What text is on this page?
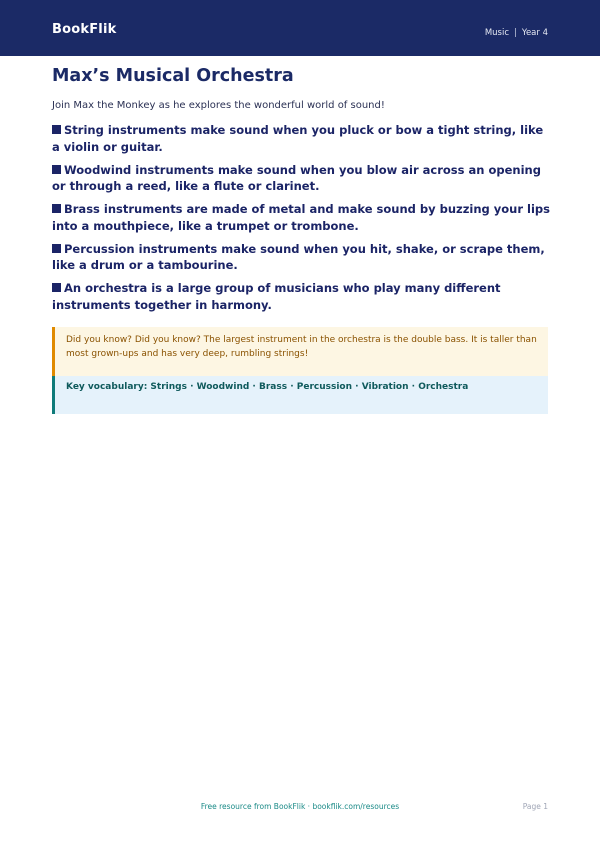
BookFlik	Music | Year 4
Max’s Musical Orchestra

Join Max the Monkey as he explores the wonderful world of sound!

String instruments make sound when you pluck or bow a tight string, like a violin or guitar.

Woodwind instruments make sound when you blow air across an opening or through a reed, like a flute or clarinet.

Brass instruments are made of metal and make sound by buzzing your lips into a mouthpiece, like a trumpet or trombone.

Percussion instruments make sound when you hit, shake, or scrape them, like a drum or a tambourine.

An orchestra is a large group of musicians who play many different instruments together in harmony.

Did you know? Did you know? The largest instrument in the orchestra is the double bass. It is taller than most grown-ups and has very deep, rumbling strings!
Key vocabulary: Strings · Woodwind · Brass · Percussion · Vibration · Orchestra
Free resource from BookFlik · bookflik.com/resources	Page 1
